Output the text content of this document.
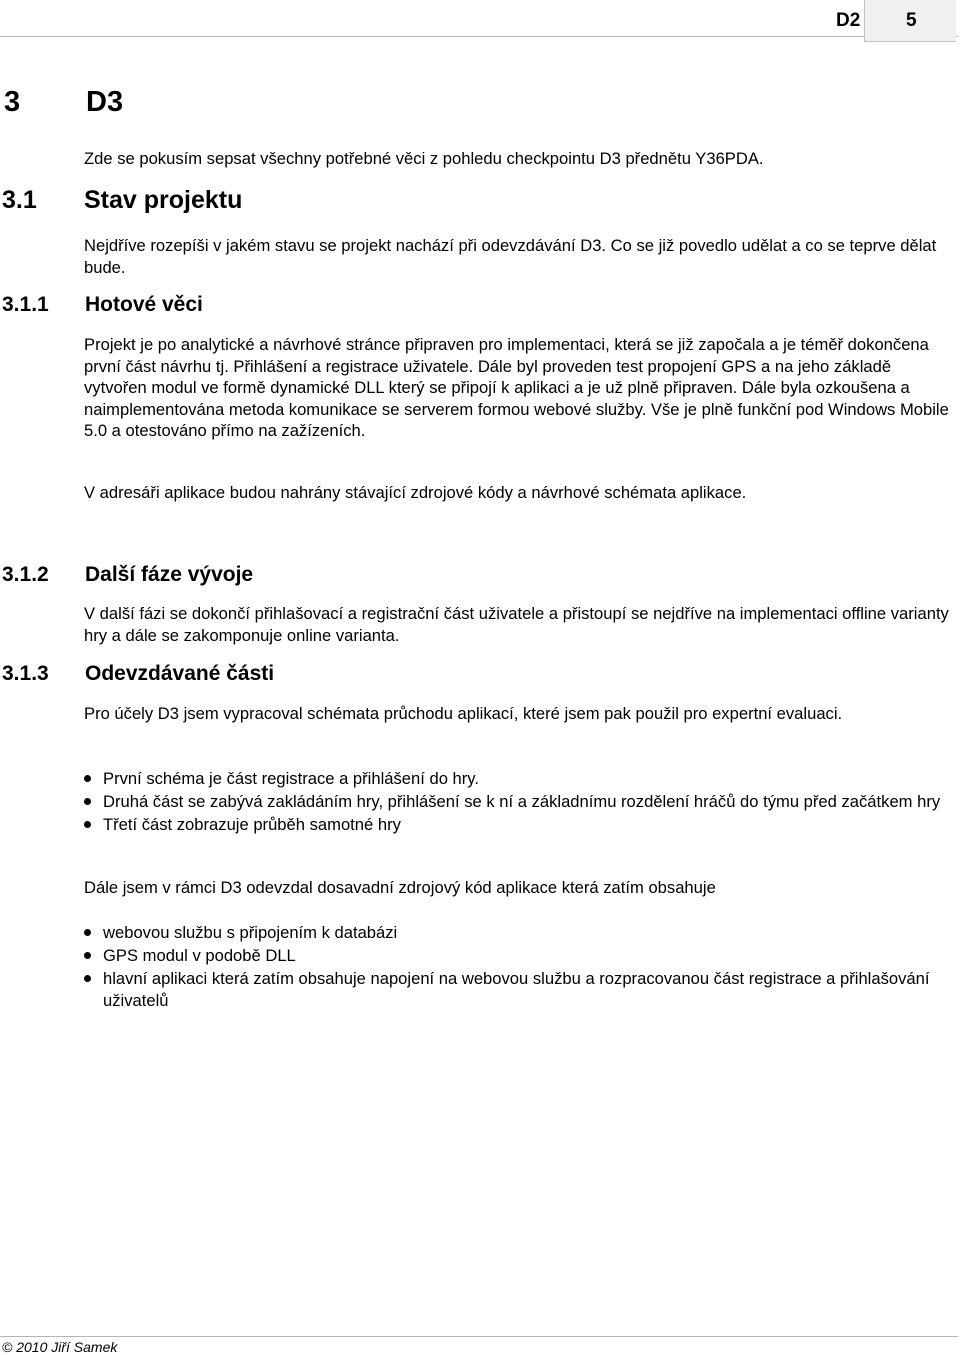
D2	5
3 D3

Zde se pokusím sepsat všechny potřebné věci z pohledu checkpointu D3 přednětu Y36PDA.

3.1 Stav projektu

Nejdříve rozepíši v jakém stavu se projekt nachází při odevzdávání D3. Co se již povedlo udělat a co se teprve dělat bude.

3.1.1 Hotové věci

Projekt je po analytické a návrhové stránce připraven pro implementaci, která se již započala a je téměř dokončena první část návrhu tj. Přihlášení a registrace uživatele. Dále byl proveden test propojení GPS a na jeho základě vytvořen modul ve formě dynamické DLL který se připojí k aplikaci a je už plně připraven. Dále byla ozkoušena a naimplementována metoda komunikace se serverem formou webové služby. Vše je plně funkční pod Windows Mobile 5.0 a otestováno přímo na zažízeních.

V adresáři aplikace budou nahrány stávající zdrojové kódy a návrhové schémata aplikace.

3.1.2 Další fáze vývoje

V další fázi se dokončí přihlašovací a registrační část uživatele a přistoupí se nejdříve na implementaci offline varianty hry a dále se zakomponuje online varianta.

3.1.3 Odevzdávané části

Pro účely D3 jsem vypracoval schémata průchodu aplikací, které jsem pak použil pro expertní evaluaci.

První schéma je část registrace a přihlášení do hry.
Druhá část se zabývá zakládáním hry, přihlášení se k ní a základnímu rozdělení hráčů do týmu před začátkem hry
Třetí část zobrazuje průběh samotné hry

Dále jsem v rámci D3 odevzdal dosavadní zdrojový kód aplikace která zatím obsahuje

webovou službu s připojením k databázi
GPS modul v podobě DLL
hlavní aplikaci která zatím obsahuje napojení na webovou službu a rozpracovanou část registrace a přihlašování uživatelů
© 2010 Jiří Samek
